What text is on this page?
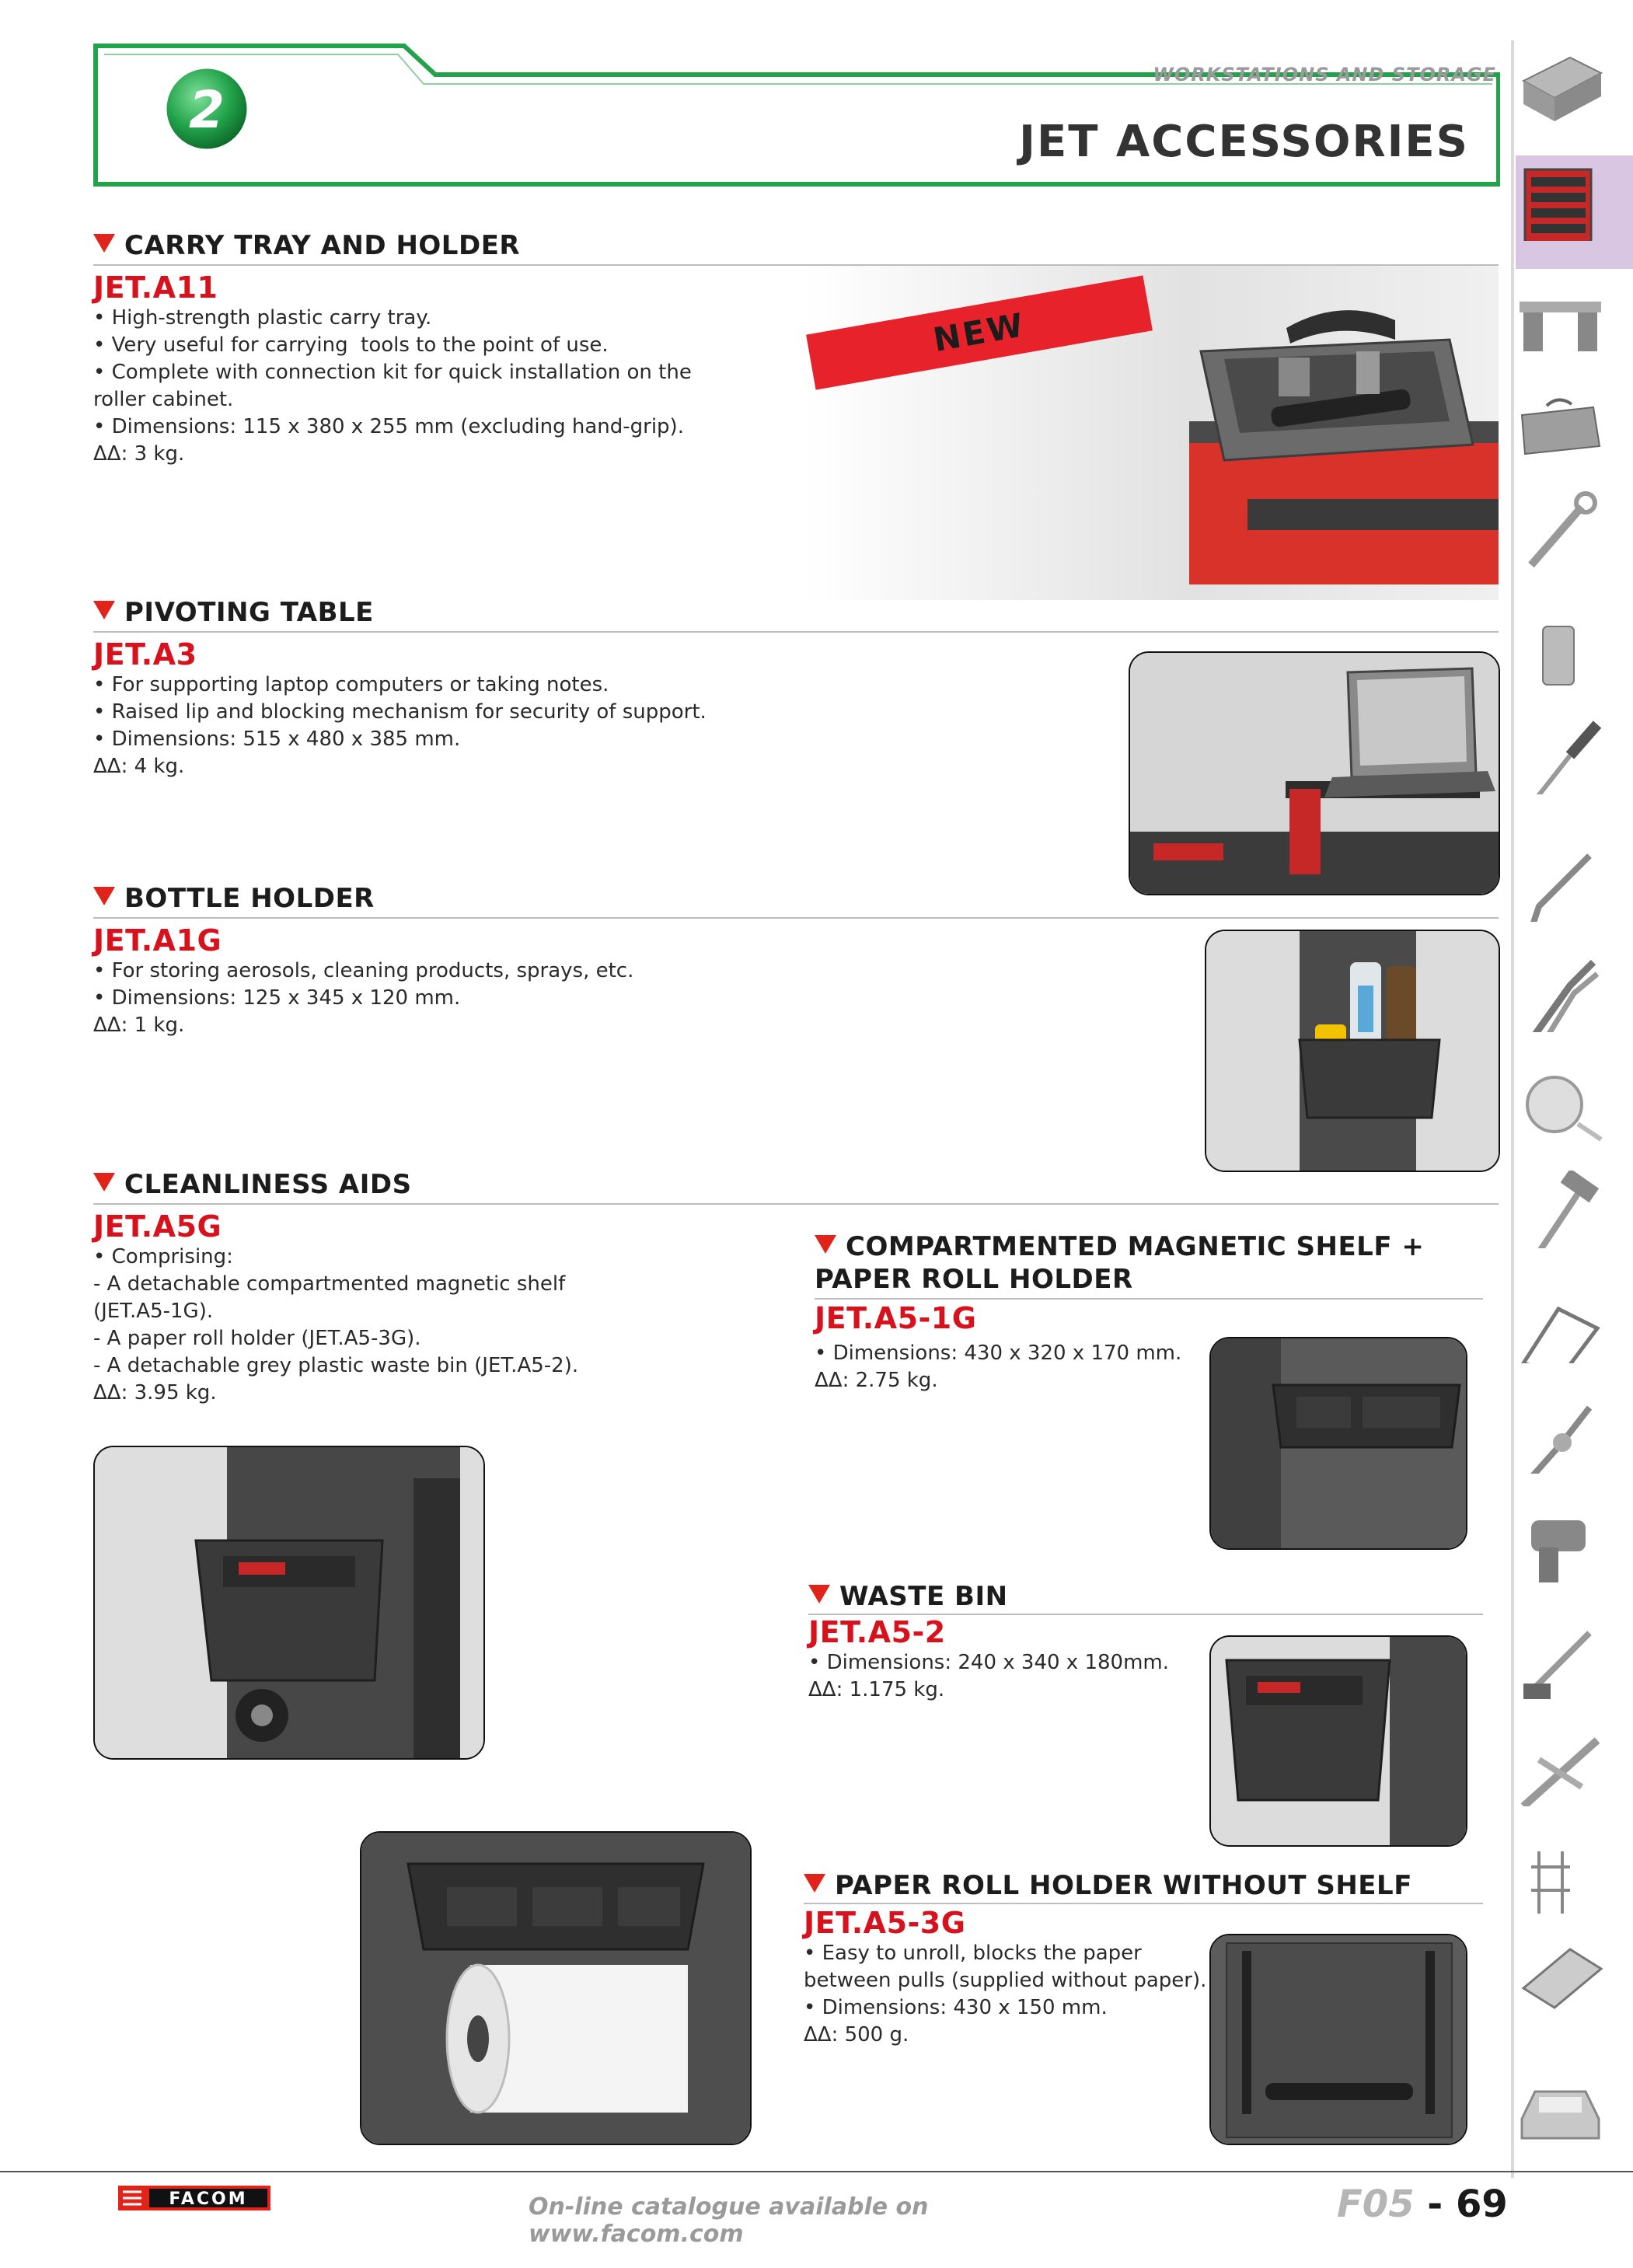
2
WORKSTATIONS AND STORAGE
JET ACCESSORIES
CARRY TRAY AND HOLDER
JET.A11
• High-strength plastic carry tray.
• Very useful for carrying  tools to the point of use.
• Complete with connection kit for quick installation on the
roller cabinet.
• Dimensions: 115 x 380 x 255 mm (excluding hand-grip).
ΔΔ: 3 kg.
NEW
PIVOTING TABLE
JET.A3
• For supporting laptop computers or taking notes.
• Raised lip and blocking mechanism for security of support.
• Dimensions: 515 x 480 x 385 mm.
ΔΔ: 4 kg.
BOTTLE HOLDER
JET.A1G
• For storing aerosols, cleaning products, sprays, etc.
• Dimensions: 125 x 345 x 120 mm.
ΔΔ: 1 kg.
CLEANLINESS AIDS
JET.A5G
• Comprising:
- A detachable compartmented magnetic shelf
(JET.A5-1G).
- A paper roll holder (JET.A5-3G).
- A detachable grey plastic waste bin (JET.A5-2).
ΔΔ: 3.95 kg.
COMPARTMENTED MAGNETIC SHELF +
PAPER ROLL HOLDER
JET.A5-1G
• Dimensions: 430 x 320 x 170 mm.
ΔΔ: 2.75 kg.
WASTE BIN
JET.A5-2
• Dimensions: 240 x 340 x 180mm.
ΔΔ: 1.175 kg.
PAPER ROLL HOLDER WITHOUT SHELF
JET.A5-3G
• Easy to unroll, blocks the paper
between pulls (supplied without paper).
• Dimensions: 430 x 150 mm.
ΔΔ: 500 g.
FACOM	On-line catalogue available on www.facom.com
F05 - 69
